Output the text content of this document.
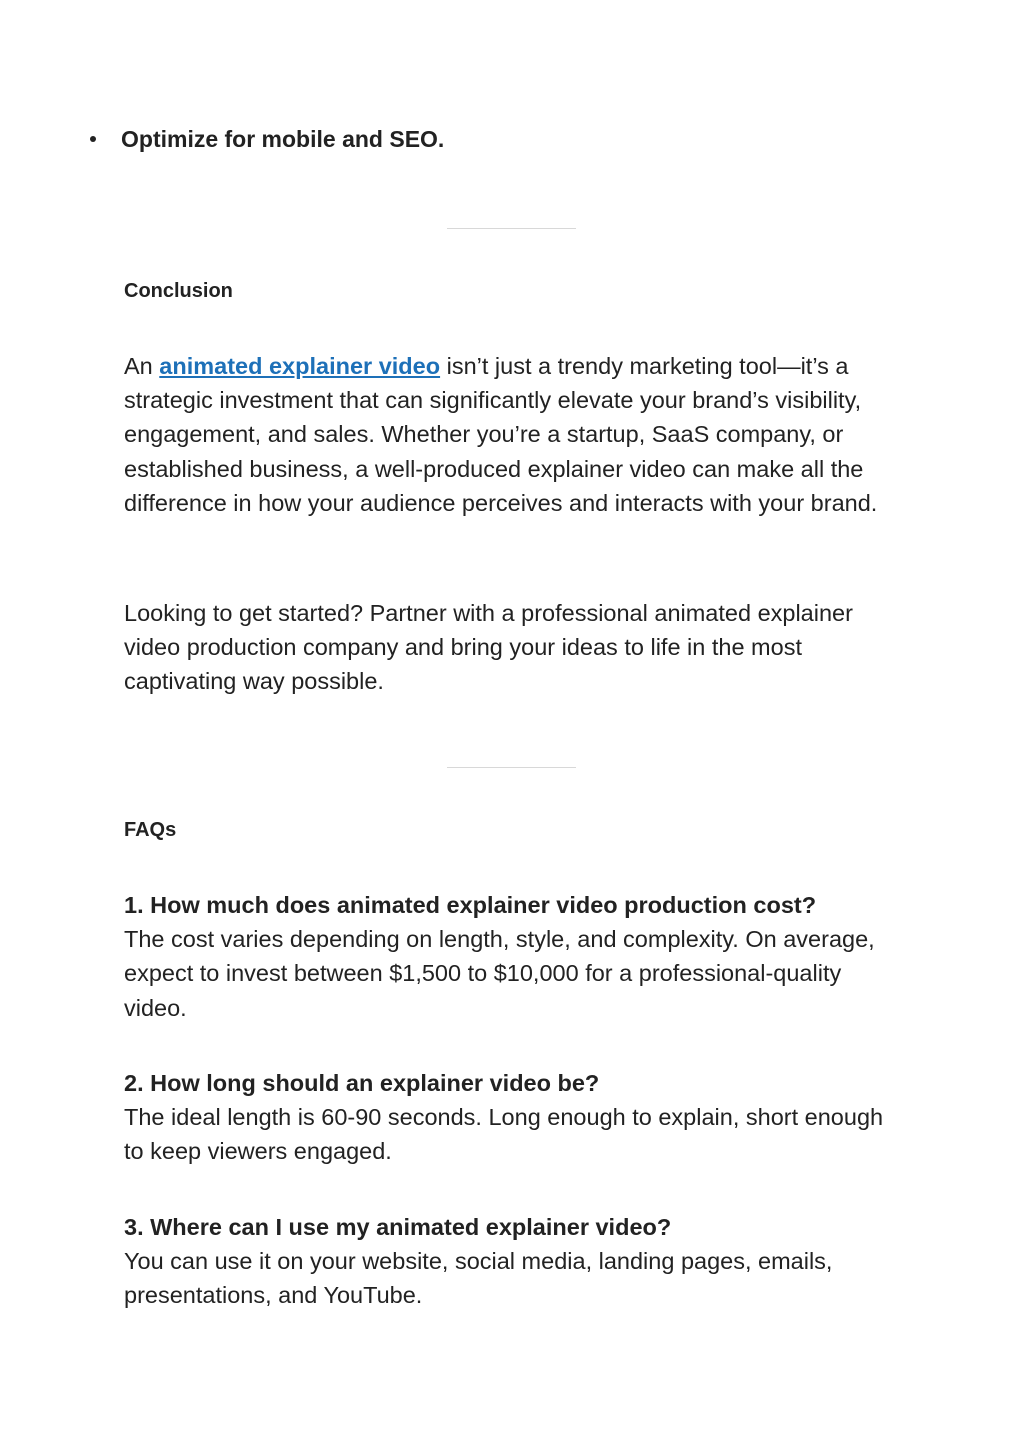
Optimize for mobile and SEO.
Conclusion

An animated explainer video isn’t just a trendy marketing tool—it’s a strategic investment that can significantly elevate your brand’s visibility, engagement, and sales. Whether you’re a startup, SaaS company, or established business, a well-produced explainer video can make all the difference in how your audience perceives and interacts with your brand.

Looking to get started? Partner with a professional animated explainer video production company and bring your ideas to life in the most captivating way possible.

FAQs

1. How much does animated explainer video production cost?
The cost varies depending on length, style, and complexity. On average, expect to invest between $1,500 to $10,000 for a professional-quality video.

2. How long should an explainer video be?
The ideal length is 60-90 seconds. Long enough to explain, short enough to keep viewers engaged.

3. Where can I use my animated explainer video?
You can use it on your website, social media, landing pages, emails, presentations, and YouTube.
